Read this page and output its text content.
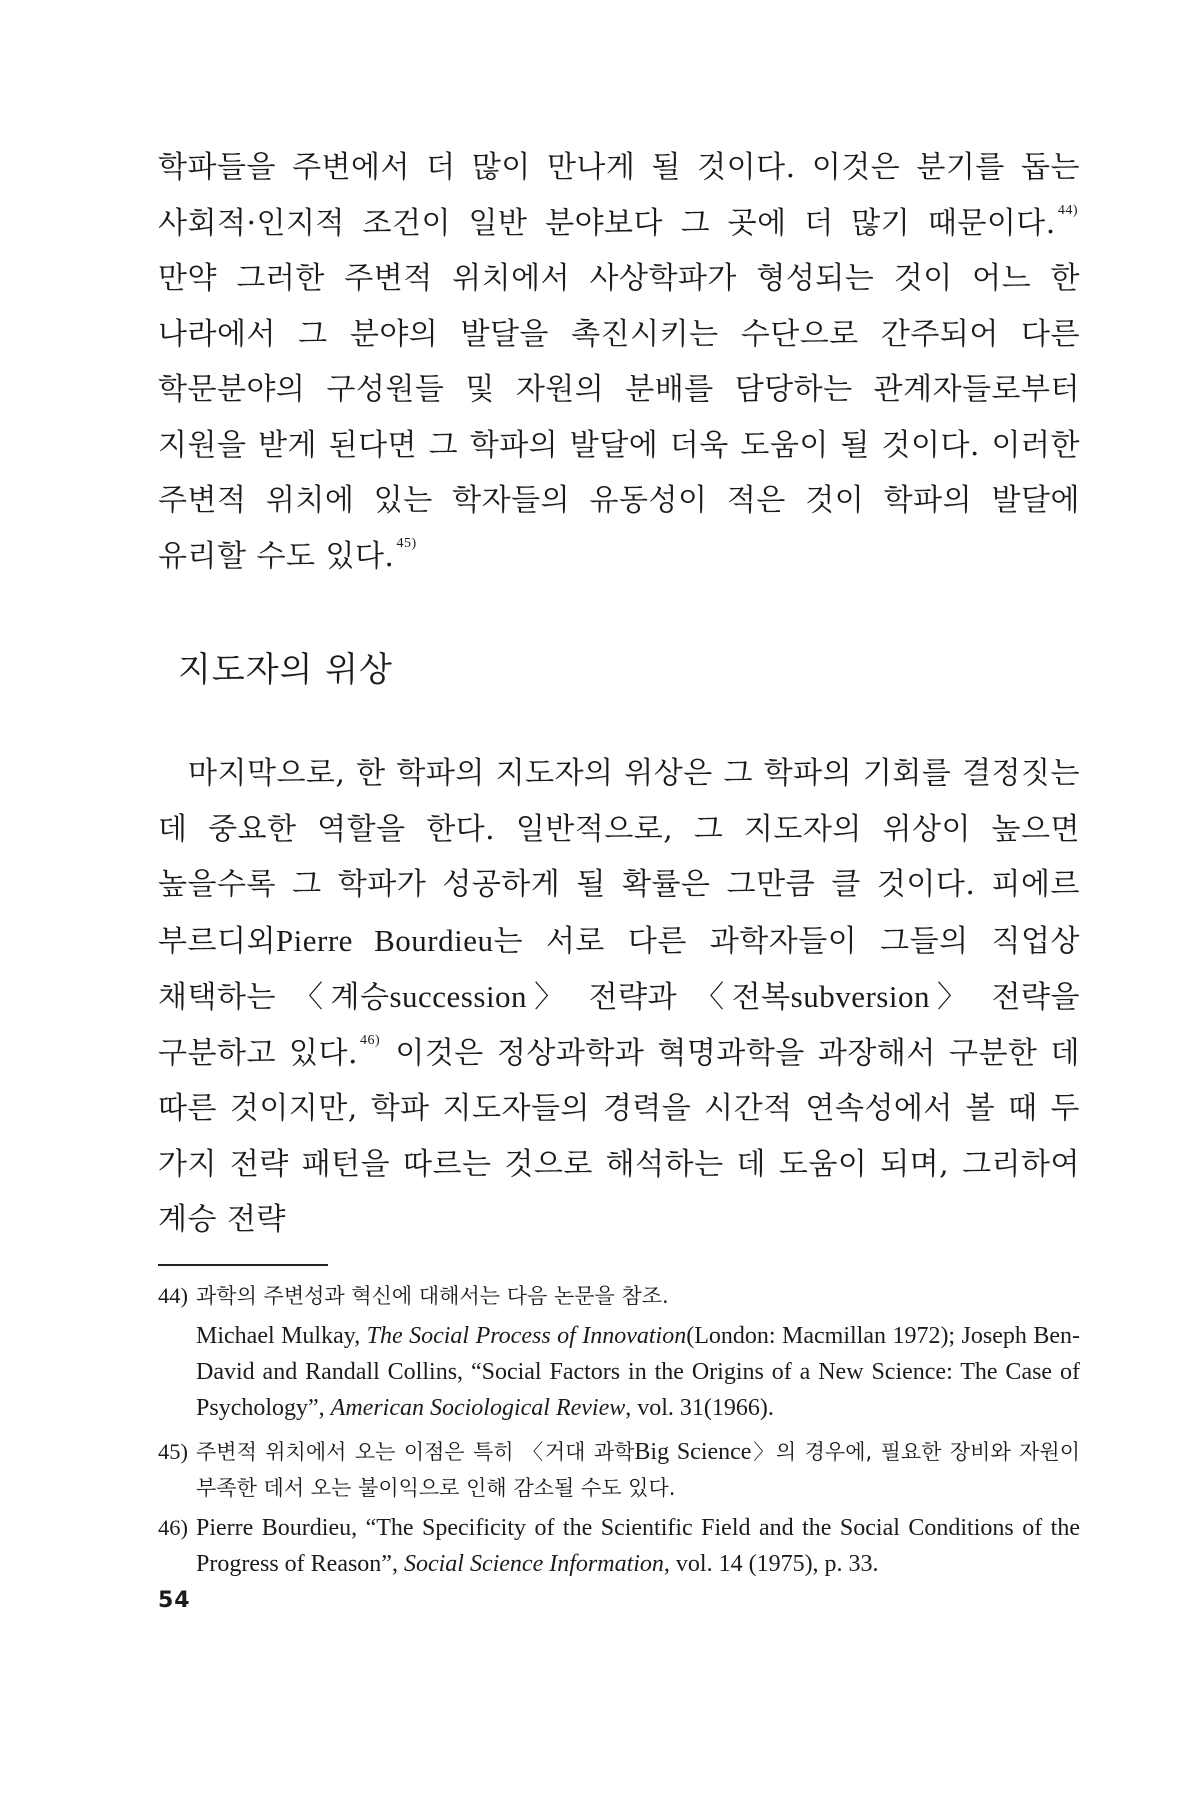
학파들을 주변에서 더 많이 만나게 될 것이다. 이것은 분기를 돕는 사회적·인지적 조건이 일반 분야보다 그 곳에 더 많기 때문이다. $^{44)}$ 만약 그러한 주변적 위치에서 사상학파가 형성되는 것이 어느 한 나라에서 그 분야의 발달을 촉진시키는 수단으로 간주되어 다른 학문분야의 구성원들 및 자원의 분배를 담당하는 관계자들로부터 지원을 받게 된다면 그 학파의 발달에 더욱 도움이 될 것이다. 이러한 주변적 위치에 있는 학자들의 유동성이 적은 것이 학파의 발달에 유리할 수도 있다. $^{45)}$

지도자의 위상

마지막으로, 한 학파의 지도자의 위상은 그 학파의 기회를 결정짓는 데 중요한 역할을 한다. 일반적으로, 그 지도자의 위상이 높으면 높을수록 그 학파가 성공하게 될 확률은 그만큼 클 것이다. 피에르 부르디외Pierre Bourdieu는 서로 다른 과학자들이 그들의 직업상 채택하는 〈계승succession〉 전략과 〈전복subversion〉 전략을 구분하고 있다. $^{46)}$ 이것은 정상과학과 혁명과학을 과장해서 구분한 데 따른 것이지만, 학파 지도자들의 경력을 시간적 연속성에서 볼 때 두 가지 전략 패턴을 따르는 것으로 해석하는 데 도움이 되며, 그리하여 계승 전략

44) 과학의 주변성과 혁신에 대해서는 다음 논문을 참조.
Michael Mulkay, The Social Process of Innovation(London: Macmillan 1972); Joseph Ben-David and Randall Collins, “Social Factors in the Origins of a New Science: The Case of Psychology”, American Sociological Review, vol. 31(1966).
45) 주변적 위치에서 오는 이점은 특히 〈거대 과학Big Science〉의 경우에, 필요한 장비와 자원이 부족한 데서 오는 불이익으로 인해 감소될 수도 있다.
46) Pierre Bourdieu, “The Specificity of the Scientific Field and the Social Conditions of the Progress of Reason”, Social Science Information, vol. 14 (1975), p. 33.
54
